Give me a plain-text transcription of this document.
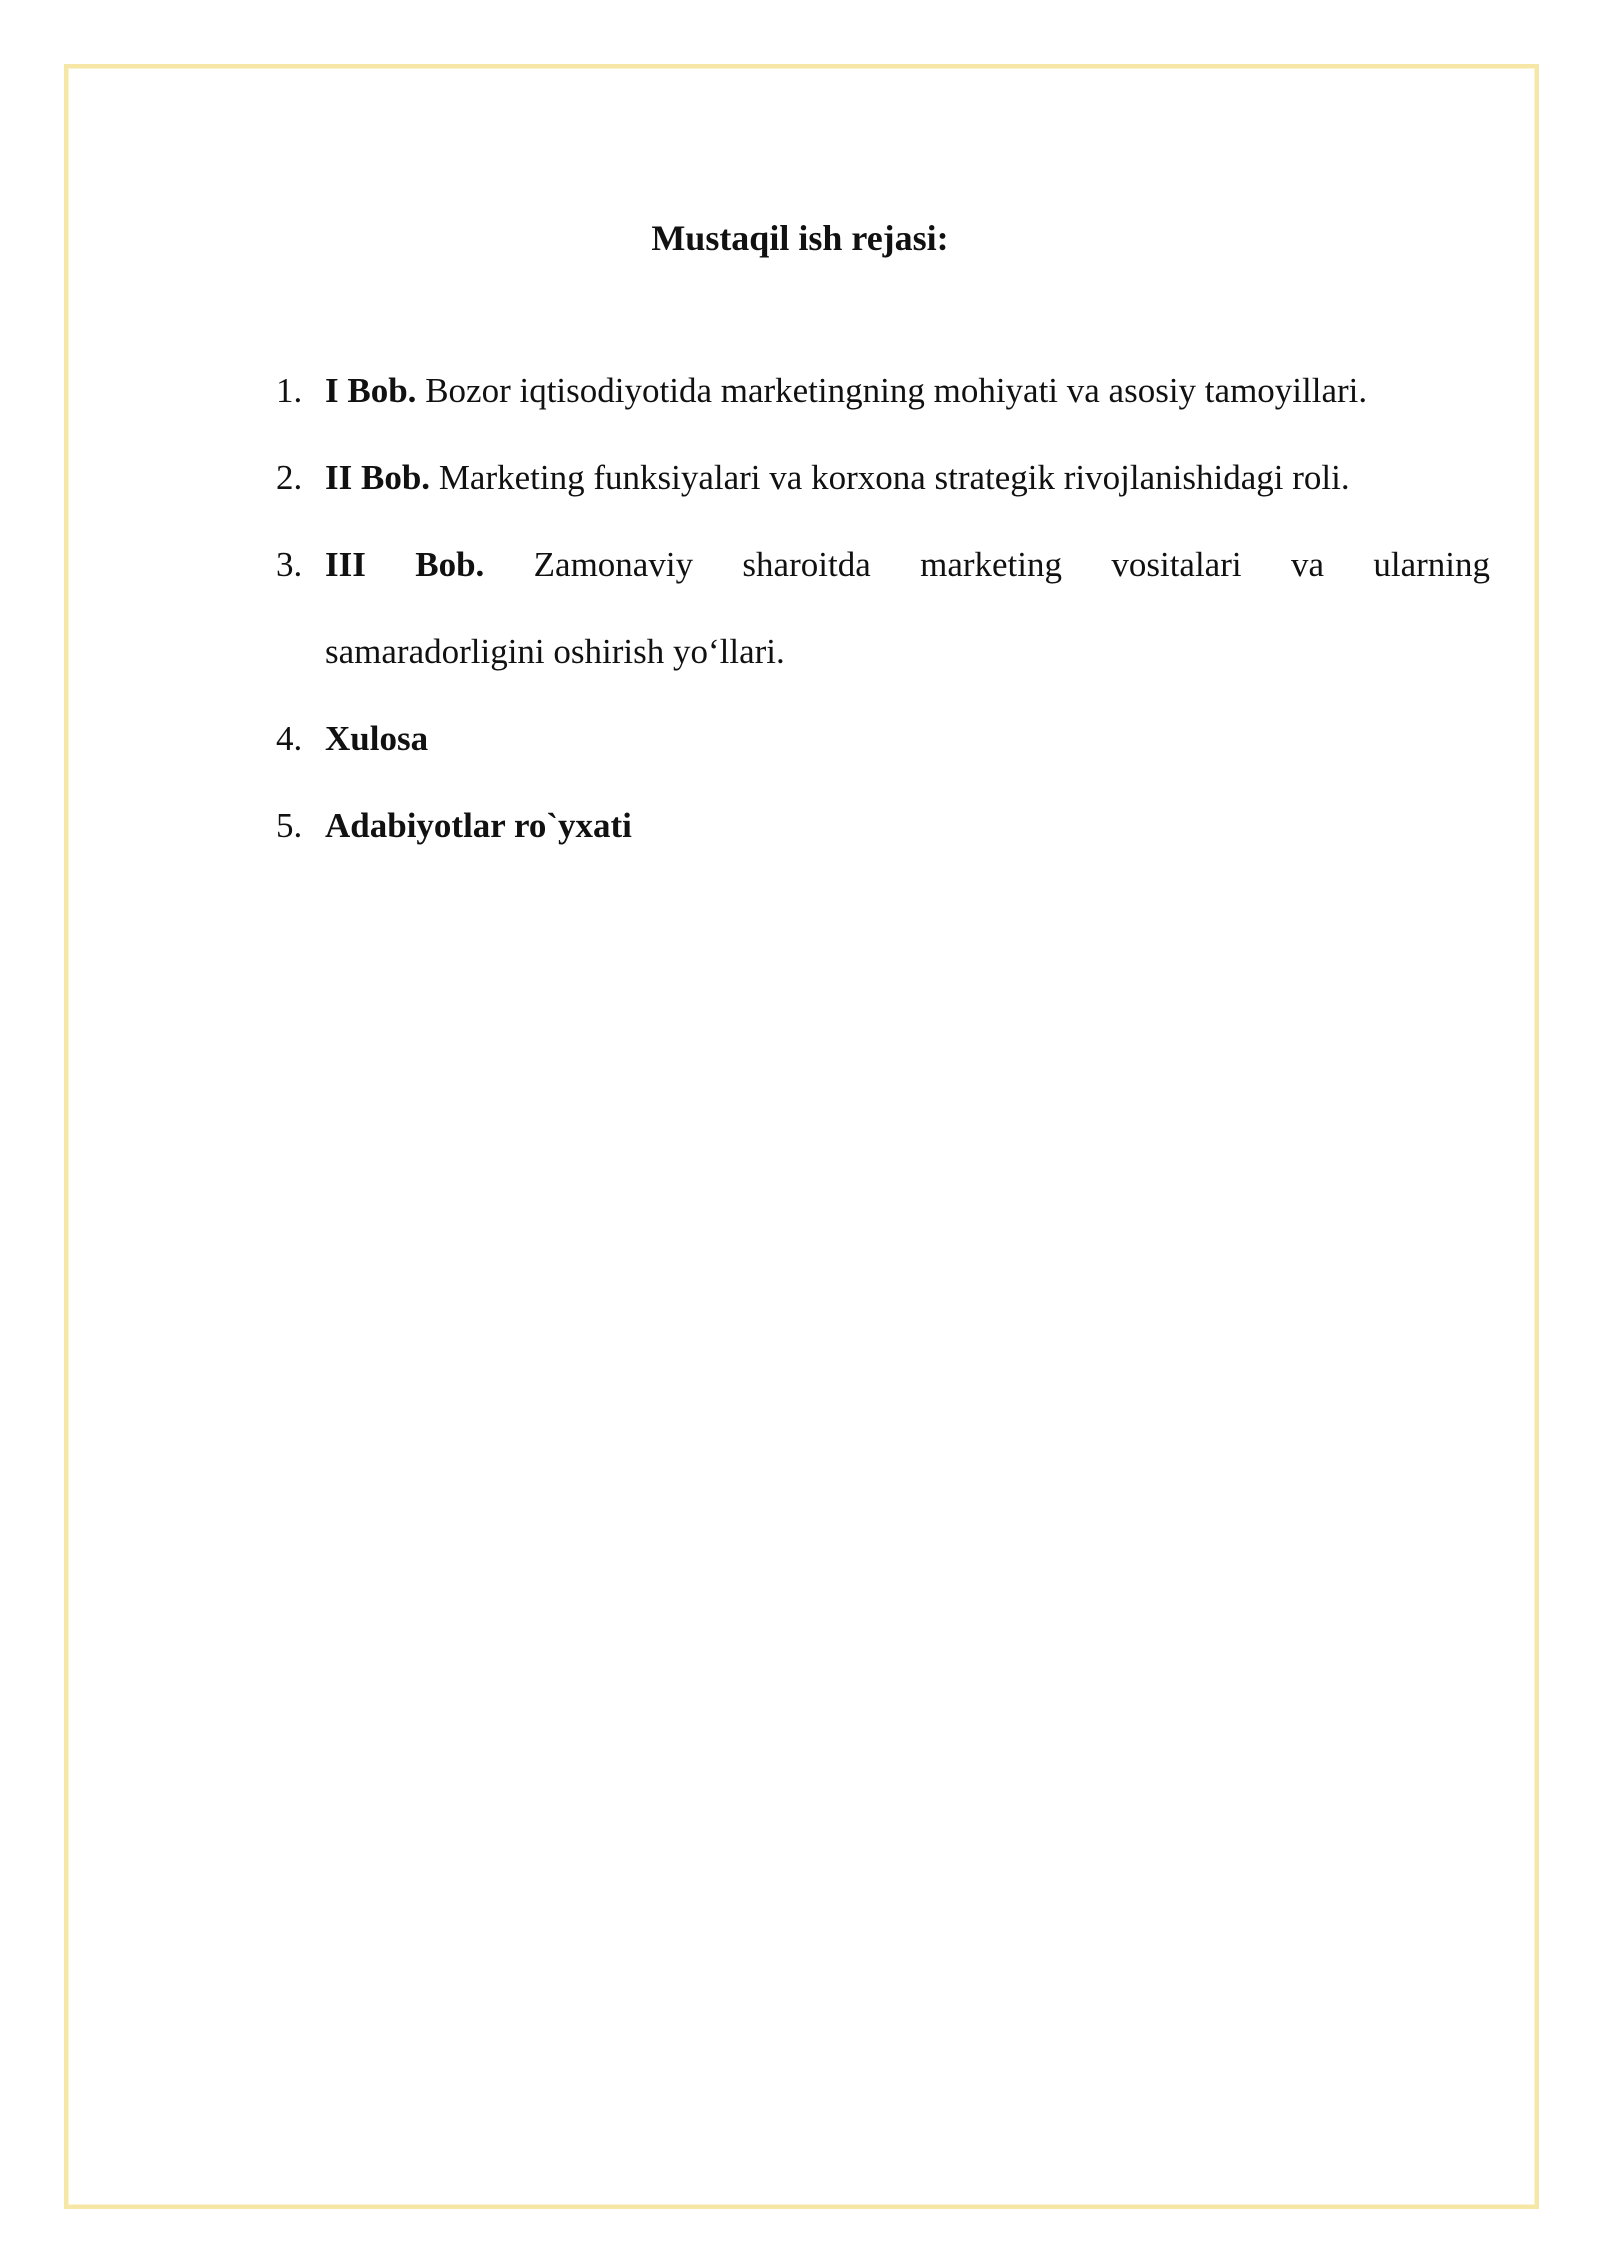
Mustaqil ish rejasi:
1. I Bob. Bozor iqtisodiyotida marketingning mohiyati va asosiy tamoyillari.
2. II Bob. Marketing funksiyalari va korxona strategik rivojlanishidagi roli.
3. III Bob. Zamonaviy sharoitda marketing vositalari va ularning
samaradorligini oshirish yo‘llari.
4. Xulosa
5. Adabiyotlar ro`yxati
